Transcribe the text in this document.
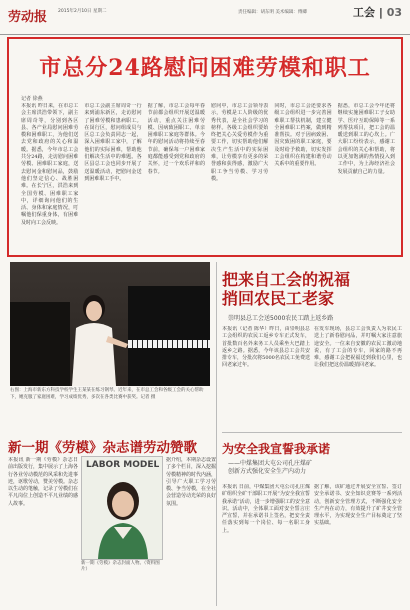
劳动报 2015年2月10日 星期二	责任编辑：胡东明 美术编辑：傅卿	工会 | 03
市总分24路慰问困难劳模和职工
记者 徐燕
本报讯 昨日来，在市总工会主席洪浩带领下，副主席周奇等，分别到各区县、各产业局慰问困难劳模和困难职工，为他们送去党和政府的关心和温暖。据悉，今年市总工会共分24路，走访慰问困难劳模、困难职工家庭，送去慰问金和慰问品，鼓励他们坚定信心、战胜困难。在长宁区，洪浩来到全国劳模、困难职工家中，详细询问他们的生活、身体和家庭情况，叮嘱他们保重身体，有困难及时向工会反映。
市总工会副主席周奇一行来到浦东新区，走访慰问了困难劳模和患病职工。在闵行区，慰问组成员与区总工会负责同志一起，深入困难职工家中，了解他们的实际困难，帮助他们解决生活中的难题。各区县总工会也同步开展了送温暖活动，把慰问金送到困难职工手中。
据了解，市总工会每年春节前都会组织开展送温暖活动，重点关注困难劳模、因病致困职工、单亲困难职工家庭等群体。今年的慰问活动将持续至春节前，确保每一户困难家庭都能感受到党和政府的关怀，过一个欢乐祥和的春节。
慰问中，市总工会领导表示，劳模是工人阶级的优秀代表，是全社会学习的榜样。各级工会组织要始终把关心关爱劳模作为重要工作，切实帮助他们解决生产生活中的实际困难，让劳模享有更多的荣誉感和获得感，激励广大职工争当劳模、学习劳模。
同时，市总工会还要求各级工会组织进一步完善困难职工帮扶机制，建立健全困难职工档案，做到精准帮扶。对于因病致困、因灾致困的职工家庭，要及时给予救助，切实发挥工会组织在构建和谐劳动关系中的重要作用。
据悉，市总工会今年还将继续实施困难职工子女助学、医疗互助保障等一系列帮扶项目，把工会的温暖送到职工的心坎上。广大职工纷纷表示，感谢工会组织的关心和帮助，将以更加饱满的热情投入到工作中，为上海经济社会发展贡献自己的力量。
右图：上海市新东方科技学校学生王某某在练习钢琴。近年来，在市总工会和各级工会的关心帮助下，她克服了家庭困难，学习成绩优秀，多次在各类比赛中获奖。记者 摄
把来自工会的祝福
捎回农民工老家
崇明县总工会送5000农民工踏上返乡路
本报讯（记者 陈华）昨日，由崇明县总工会组织的农民工返乡专车正式发车，首批数百名外来务工人员乘坐大巴踏上返乡之路。据悉，今年该县总工会共安排专车，分批次将5000名农民工免费送回老家过年。
在发车现场，县总工会负责人为农民工送上了新春慰问品，并叮嘱大家注意旅途安全。一位来自安徽的农民工激动地说，有了工会的专车，回家的路不再难，感谢工会把祝福送到我们心里，也让我们把这份温暖捎回老家。
新一期《劳模》杂志谱劳动赞歌
本报讯 新一期《劳模》杂志日前出版发行，集中展示了上海各行各业劳动模范的风采和先进事迹，讴歌劳动，赞美劳模。杂志以生动的笔触，记录了劳模们在平凡岗位上创造不平凡业绩的感人故事。
LABOR MODEL
新一期《劳模》杂志封面人物。（资料图片）
据介绍，本期杂志设置了多个栏目，深入挖掘劳模精神的时代内涵，引导广大职工学习劳模、争当劳模，在全社会营造劳动光荣的良好氛围。
为安全我宣誓我承诺
——中煤集团大屯公司孔庄煤矿
创新方式强化安全生产内动力
本报讯 日前，中煤集团大屯公司孔庄煤矿组织全矿干部职工开展“为安全我宣誓我承诺”活动，进一步增强职工的安全意识。活动中，全体职工面对安全誓言庄严宣誓，并在承诺书上签名，把安全责任落实到每一个岗位、每一名职工身上。
据了解，该矿通过开展安全宣誓、签订安全承诺书、安全知识竞赛等一系列活动，创新安全管理方式，不断强化安全生产内在动力，有效提升了矿井安全管理水平，为实现安全生产目标奠定了坚实基础。
